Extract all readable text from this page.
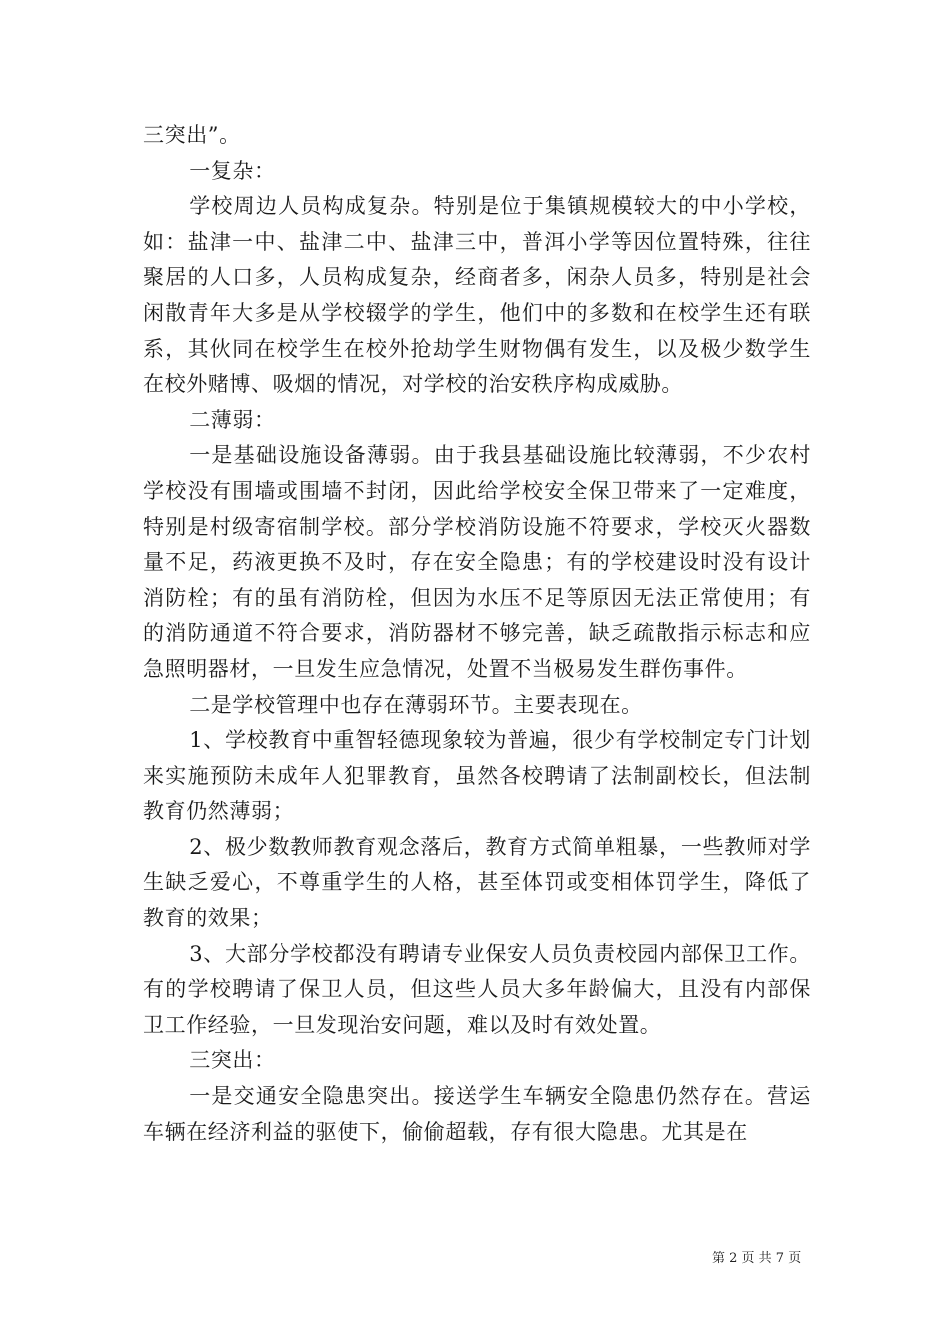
三突出”。

一复杂：

学校周边人员构成复杂。特别是位于集镇规模较大的中小学校，如：盐津一中、盐津二中、盐津三中，普洱小学等因位置特殊，往往聚居的人口多，人员构成复杂，经商者多，闲杂人员多，特别是社会闲散青年大多是从学校辍学的学生，他们中的多数和在校学生还有联系，其伙同在校学生在校外抢劫学生财物偶有发生，以及极少数学生在校外赌博、吸烟的情况，对学校的治安秩序构成威胁。

二薄弱：

一是基础设施设备薄弱。由于我县基础设施比较薄弱，不少农村学校没有围墙或围墙不封闭，因此给学校安全保卫带来了一定难度，特别是村级寄宿制学校。部分学校消防设施不符要求，学校灭火器数量不足，药液更换不及时，存在安全隐患；有的学校建设时没有设计消防栓；有的虽有消防栓，但因为水压不足等原因无法正常使用；有的消防通道不符合要求，消防器材不够完善，缺乏疏散指示标志和应急照明器材，一旦发生应急情况，处置不当极易发生群伤事件。

二是学校管理中也存在薄弱环节。主要表现在。

1、学校教育中重智轻德现象较为普遍，很少有学校制定专门计划来实施预防未成年人犯罪教育，虽然各校聘请了法制副校长，但法制教育仍然薄弱；

2、极少数教师教育观念落后，教育方式简单粗暴，一些教师对学生缺乏爱心，不尊重学生的人格，甚至体罚或变相体罚学生，降低了教育的效果；

3、大部分学校都没有聘请专业保安人员负责校园内部保卫工作。有的学校聘请了保卫人员，但这些人员大多年龄偏大，且没有内部保卫工作经验，一旦发现治安问题，难以及时有效处置。

三突出：

一是交通安全隐患突出。接送学生车辆安全隐患仍然存在。营运车辆在经济利益的驱使下，偷偷超载，存有很大隐患。尤其是在

第 2 页 共 7 页
